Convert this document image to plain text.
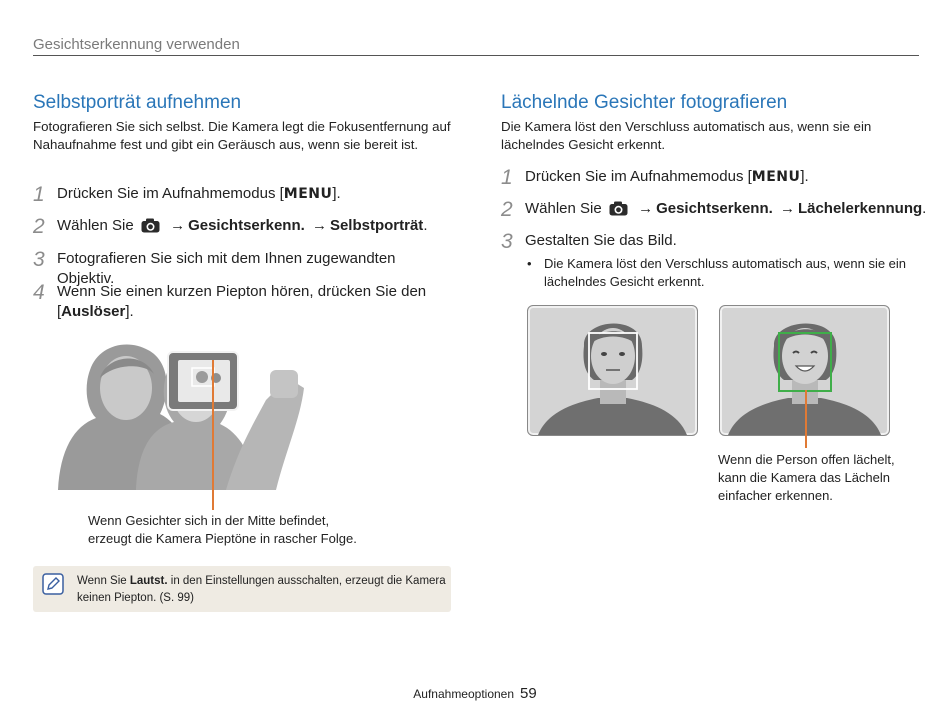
Gesichtserkennung verwenden
Selbstporträt aufnehmen
Fotografieren Sie sich selbst. Die Kamera legt die Fokusentfernung auf Nahaufnahme fest und gibt ein Geräusch aus, wenn sie bereit ist.
1 Drücken Sie im Aufnahmemodus [MENU].
2 Wählen Sie → Gesichtserkenn. → Selbstporträt.
3 Fotografieren Sie sich mit dem Ihnen zugewandten Objektiv.
4 Wenn Sie einen kurzen Piepton hören, drücken Sie den
[Auslöser].
Wenn Gesichter sich in der Mitte befindet,
erzeugt die Kamera Pieptöne in rascher Folge.
Wenn Sie Lautst. in den Einstellungen ausschalten, erzeugt die Kamera keinen Piepton. (S. 99)
Lächelnde Gesichter fotografieren
Die Kamera löst den Verschluss automatisch aus, wenn sie ein lächelndes Gesicht erkennt.
1 Drücken Sie im Aufnahmemodus [MENU].
2 Wählen Sie → Gesichtserkenn. → Lächelerkennung.
3 Gestalten Sie das Bild.
• Die Kamera löst den Verschluss automatisch aus, wenn sie ein lächelndes Gesicht erkennt.
Wenn die Person offen lächelt,
kann die Kamera das Lächeln
einfacher erkennen.
Aufnahmeoptionen 59
